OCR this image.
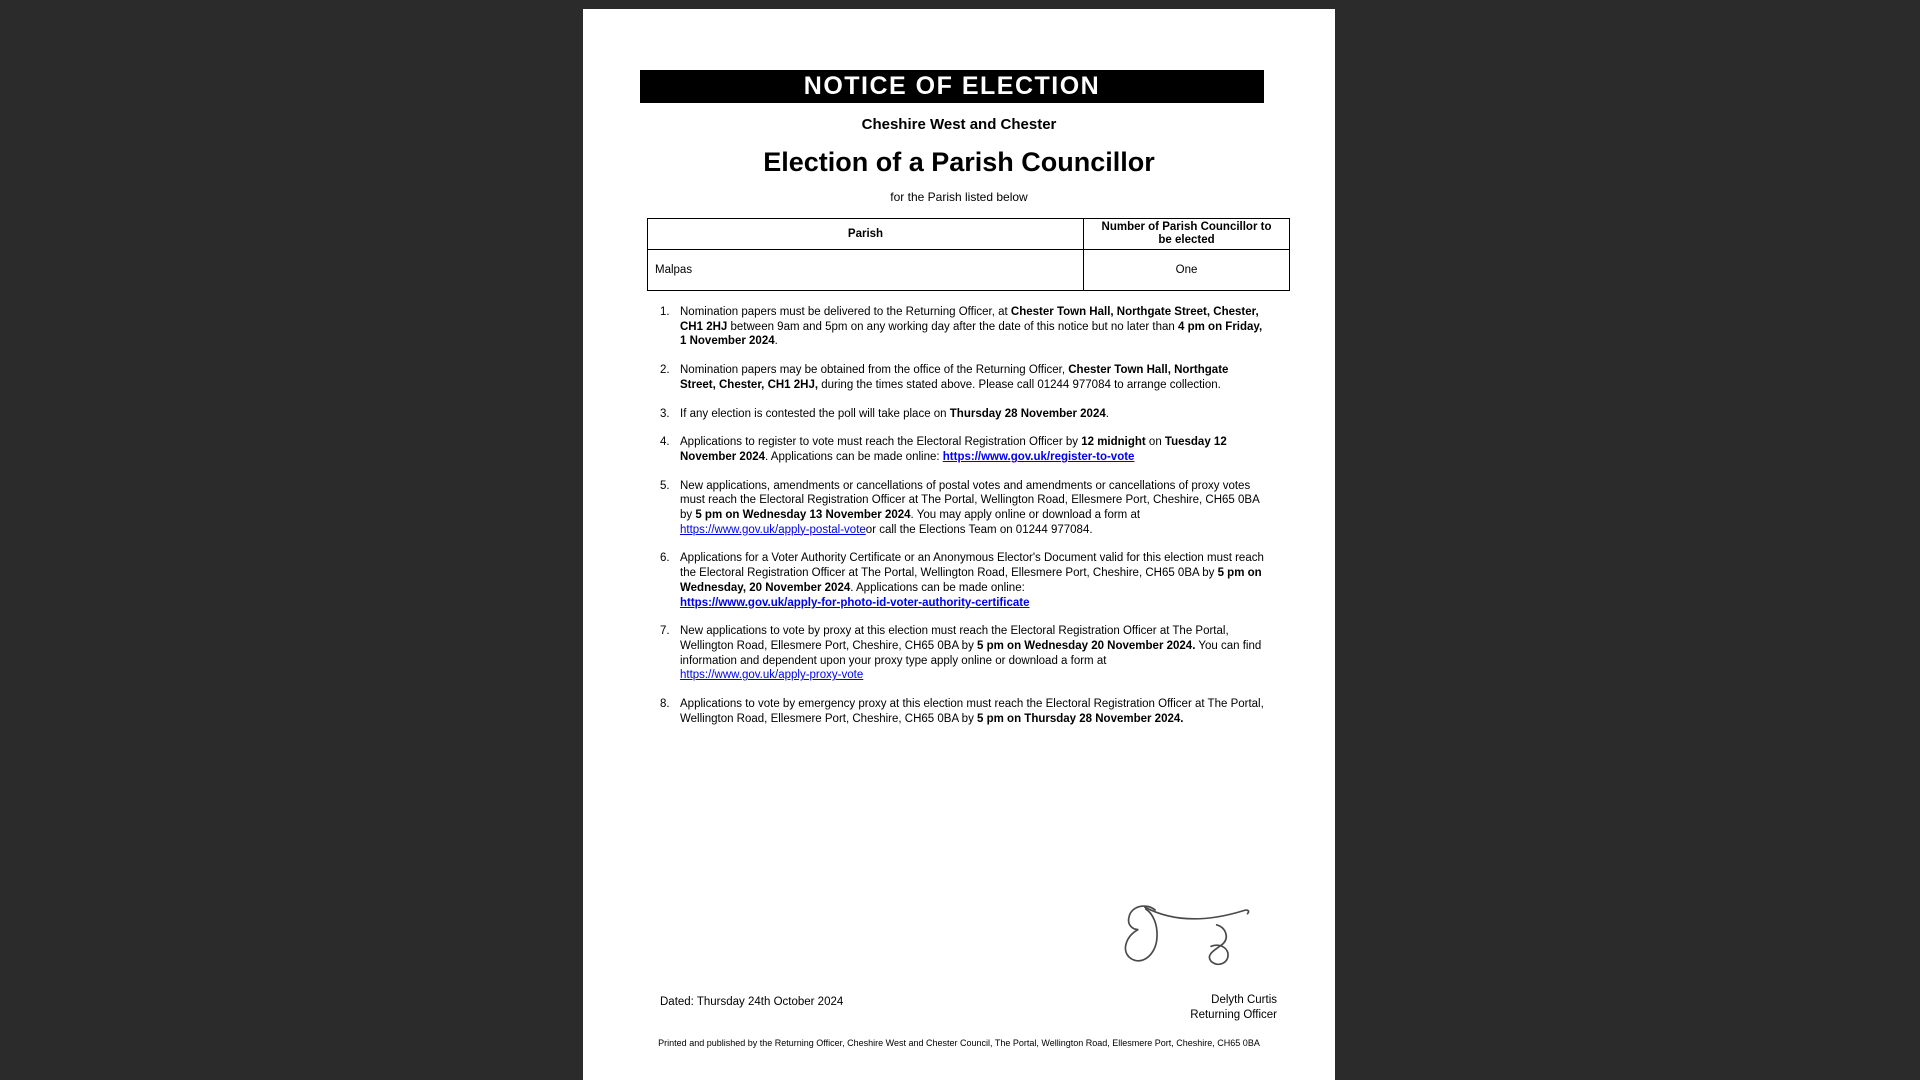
NOTICE OF ELECTION
Cheshire West and Chester
Election of a Parish Councillor
for the Parish listed below
Parish	Number of Parish Councillor to be elected
Malpas	One
1. Nomination papers must be delivered to the Returning Officer, at Chester Town Hall, Northgate Street, Chester, CH1 2HJ between 9am and 5pm on any working day after the date of this notice but no later than 4 pm on Friday, 1 November 2024.
2. Nomination papers may be obtained from the office of the Returning Officer, Chester Town Hall, Northgate Street, Chester, CH1 2HJ, during the times stated above. Please call 01244 977084 to arrange collection.
3. If any election is contested the poll will take place on Thursday 28 November 2024.
4. Applications to register to vote must reach the Electoral Registration Officer by 12 midnight on Tuesday 12 November 2024. Applications can be made online: https://www.gov.uk/register-to-vote
5. New applications, amendments or cancellations of postal votes and amendments or cancellations of proxy votes must reach the Electoral Registration Officer at The Portal, Wellington Road, Ellesmere Port, Cheshire, CH65 0BA by 5 pm on Wednesday 13 November 2024. You may apply online or download a form at https://www.gov.uk/apply-postal-voteor call the Elections Team on 01244 977084.
6. Applications for a Voter Authority Certificate or an Anonymous Elector's Document valid for this election must reach the Electoral Registration Officer at The Portal, Wellington Road, Ellesmere Port, Cheshire, CH65 0BA by 5 pm on Wednesday, 20 November 2024. Applications can be made online:
https://www.gov.uk/apply-for-photo-id-voter-authority-certificate
7. New applications to vote by proxy at this election must reach the Electoral Registration Officer at The Portal, Wellington Road, Ellesmere Port, Cheshire, CH65 0BA by 5 pm on Wednesday 20 November 2024. You can find information and dependent upon your proxy type apply online or download a form at
https://www.gov.uk/apply-proxy-vote
8. Applications to vote by emergency proxy at this election must reach the Electoral Registration Officer at The Portal, Wellington Road, Ellesmere Port, Cheshire, CH65 0BA by 5 pm on Thursday 28 November 2024.
Dated: Thursday 24th October 2024	Delyth Curtis
Returning Officer
Printed and published by the Returning Officer, Cheshire West and Chester Council, The Portal, Wellington Road, Ellesmere Port, Cheshire, CH65 0BA
